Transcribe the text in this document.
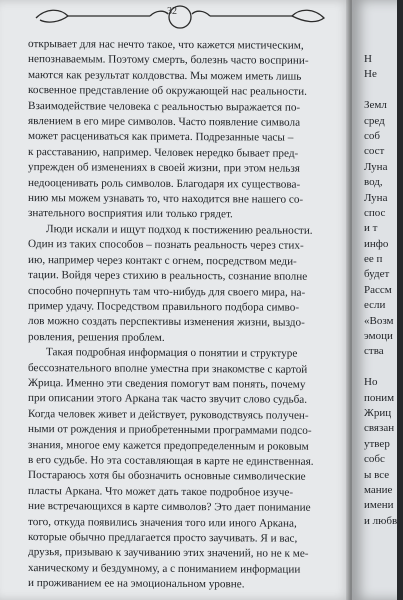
32
открывает для нас нечто такое, что кажется мистическим,
непознаваемым. Поэтому смерть, болезнь часто восприни-
маются как результат колдовства. Мы можем иметь лишь
косвенное представление об окружающей нас реальности.
Взаимодействие человека с реальностью выражается по-
явлением в его мире символов. Часто появление символа
может расцениваться как примета. Подрезанные часы –
к расставанию, например. Человек нередко бывает пред-
упрежден об изменениях в своей жизни, при этом нельзя
недооценивать роль символов. Благодаря их существова-
нию мы можем узнавать то, что находится вне нашего со-
знательного восприятия или только грядет.
Люди искали и ищут подход к постижению реальности.
Один из таких способов – познать реальность через стих-
ию, например через контакт с огнем, посредством меди-
тации. Войдя через стихию в реальность, сознание вполне
способно почерпнуть там что-нибудь для своего мира, на-
пример удачу. Посредством правильного подбора симво-
лов можно создать перспективы изменения жизни, выздо-
ровления, решения проблем.
Такая подробная информация о понятии и структуре
бессознательного вполне уместна при знакомстве с картой
Жрица. Именно эти сведения помогут вам понять, почему
при описании этого Аркана так часто звучит слово судьба.
Когда человек живет и действует, руководствуясь получен-
ными от рождения и приобретенными программами подсо-
знания, многое ему кажется предопределенным и роковым
в его судьбе. Но эта составляющая в карте не единственная.
Постараюсь хотя бы обозначить основные символические
пласты Аркана. Что может дать такое подробное изуче-
ние встречающихся в карте символов? Это дает понимание
того, откуда появились значения того или иного Аркана,
которые обычно предлагается просто заучивать. Я и вас,
друзья, призываю к заучиванию этих значений, но не к ме-
ханическому и бездумному, а с пониманием информации
и проживанием ее на эмоциональном уровне.
Н
Не
Земл
сред
соб
сост
Луна
вод,
Луна
спос
и т
инфо
ее п
будет
Рассм
если
«Возм
эмоци
ства
Но
поним
Жриц
связан
утвер
собс
ы все
маниe
имени
и любв
